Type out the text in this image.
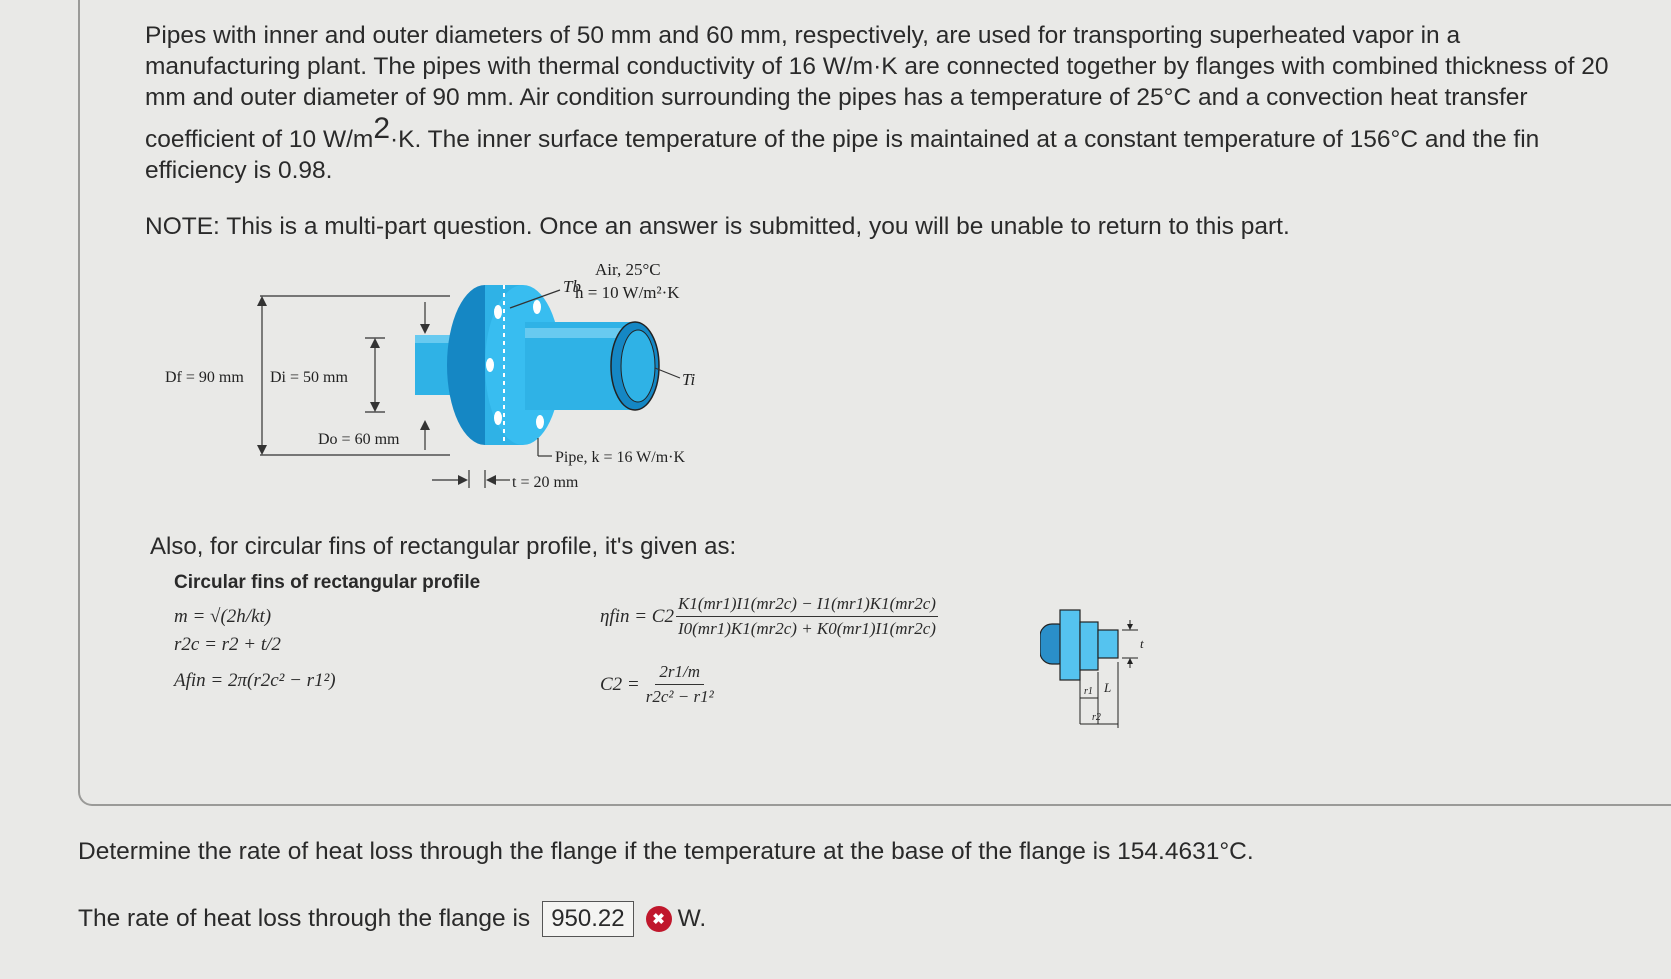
Pipes with inner and outer diameters of 50 mm and 60 mm, respectively, are used for transporting superheated vapor in a manufacturing plant. The pipes with thermal conductivity of 16 W/m·K are connected together by flanges with combined thickness of 20 mm and outer diameter of 90 mm. Air condition surrounding the pipes has a temperature of 25°C and a convection heat transfer coefficient of 10 $W/m^2\cdot K$. The inner surface temperature of the pipe is maintained at a constant temperature of 156°C and the fin efficiency is 0.98.

NOTE: This is a multi-part question. Once an answer is submitted, you will be unable to return to this part.

Air, 25°C
h = 10 W/m²·K
Tb
Ti
Df = 90 mm Di = 50 mm
Do = 60 mm
Pipe, k = 16 W/m·K
t = 20 mm

Also, for circular fins of rectangular profile, it's given as:

Circular fins of rectangular profile

m = √(2h/kt)

r2c = r2 + t/2

Afin = 2π(r2c² − r1²)

$\eta fin = C2 \frac{K1(mr1)I1(mr2c) - I1(mr1)K1(mr2c)}{I0(mr1)K1(mr2c) + K0(mr1)I1(mr2c)}$
$C2 = \frac{2r1/m}{\text{r2c² − r1²}}$
t
L
r1
r2

Determine the rate of heat loss through the flange if the temperature at the base of the flange is 154.4631°C.

The rate of heat loss through the flange is 950.22	✖ W.
